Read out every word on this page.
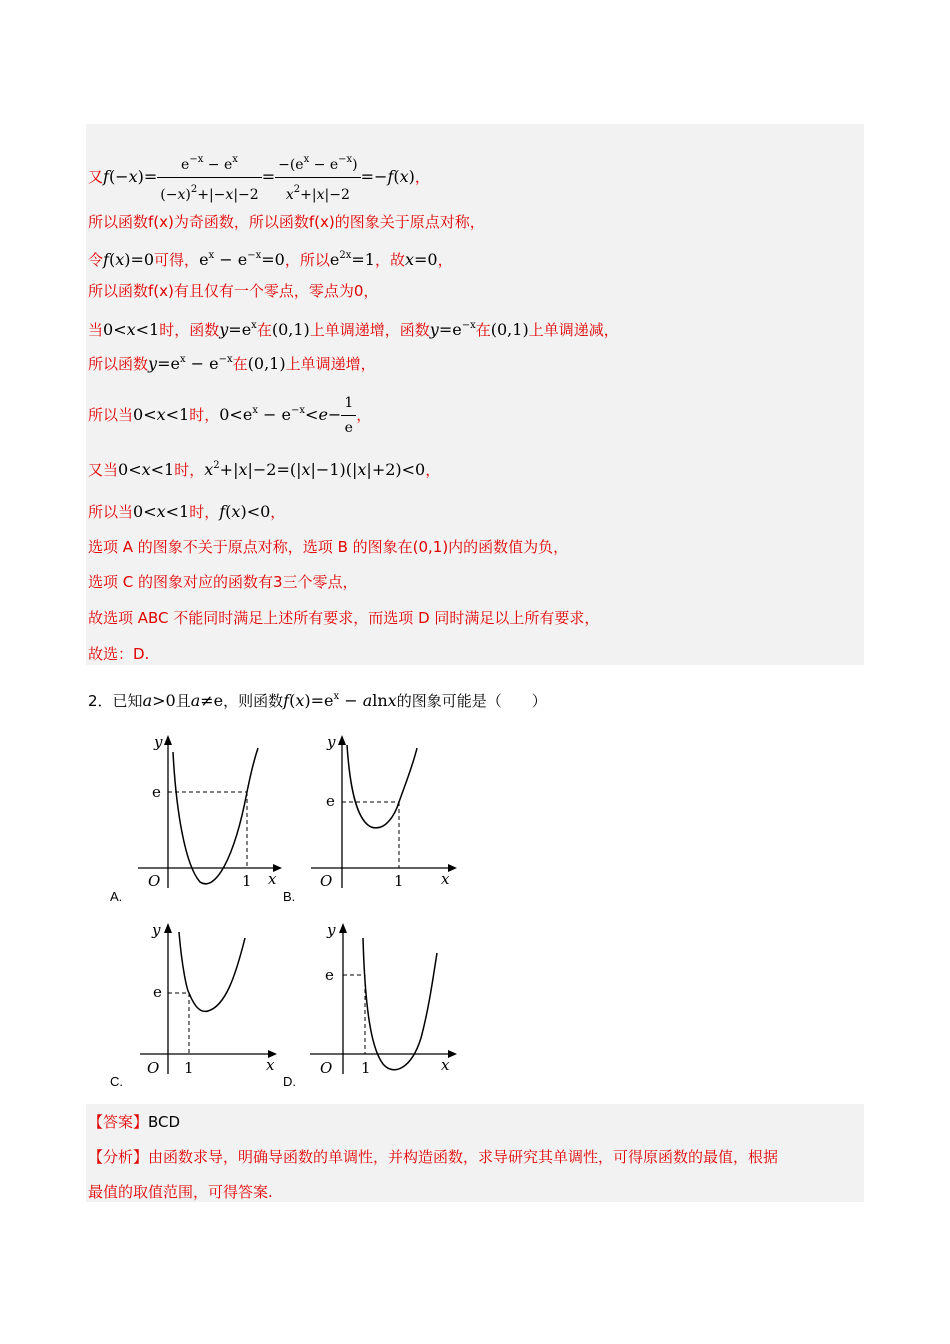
又$f(-x)= \frac{e^{-x} - e^x}{(-x)^2+|-x|-2} = \frac{-(e^x - e^{-x})}{x^2+|x|-2} =-f(x)$，
所以函数f(x)为奇函数，所以函数f(x)的图象关于原点对称，
令f(x)=0可得，$e^x - e^{-x}=0$，所以$e^{2x}=1$，故x=0，
所以函数f(x)有且仅有一个零点，零点为0，
当0<x<1时，函数$y=e^x$在(0,1)上单调递增，函数$y=e^{-x}$在(0,1)上单调递减，
所以函数$y=e^x - e^{-x}$在(0,1)上单调递增，
所以当0<x<1时，$0<e^x - e^{-x}<e- \frac{1}{e}$ ，
又当0<x<1时，$x^2+|x|-2=(|x|-1)(|x|+2)<0$，
所以当0<x<1时，f(x)<0，
选项 A 的图象不关于原点对称，选项 B 的图象在(0,1)内的函数值为负，
选项 C 的图象对应的函数有3三个零点，
故选项 ABC 不能同时满足上述所有要求，而选项 D 同时满足以上所有要求，
故选：D.
2．已知a>0且a≠e，则函数$f(x)=e^x - alnx$的图象可能是（　　）
y
e
O	1 x
A.
y
e
O	1 x
B.
y
e
O 1	x
C.
y
e
O 1	x
D.
【答案】BCD
【分析】由函数求导，明确导函数的单调性，并构造函数，求导研究其单调性，可得原函数的最值，根据
最值的取值范围，可得答案.
